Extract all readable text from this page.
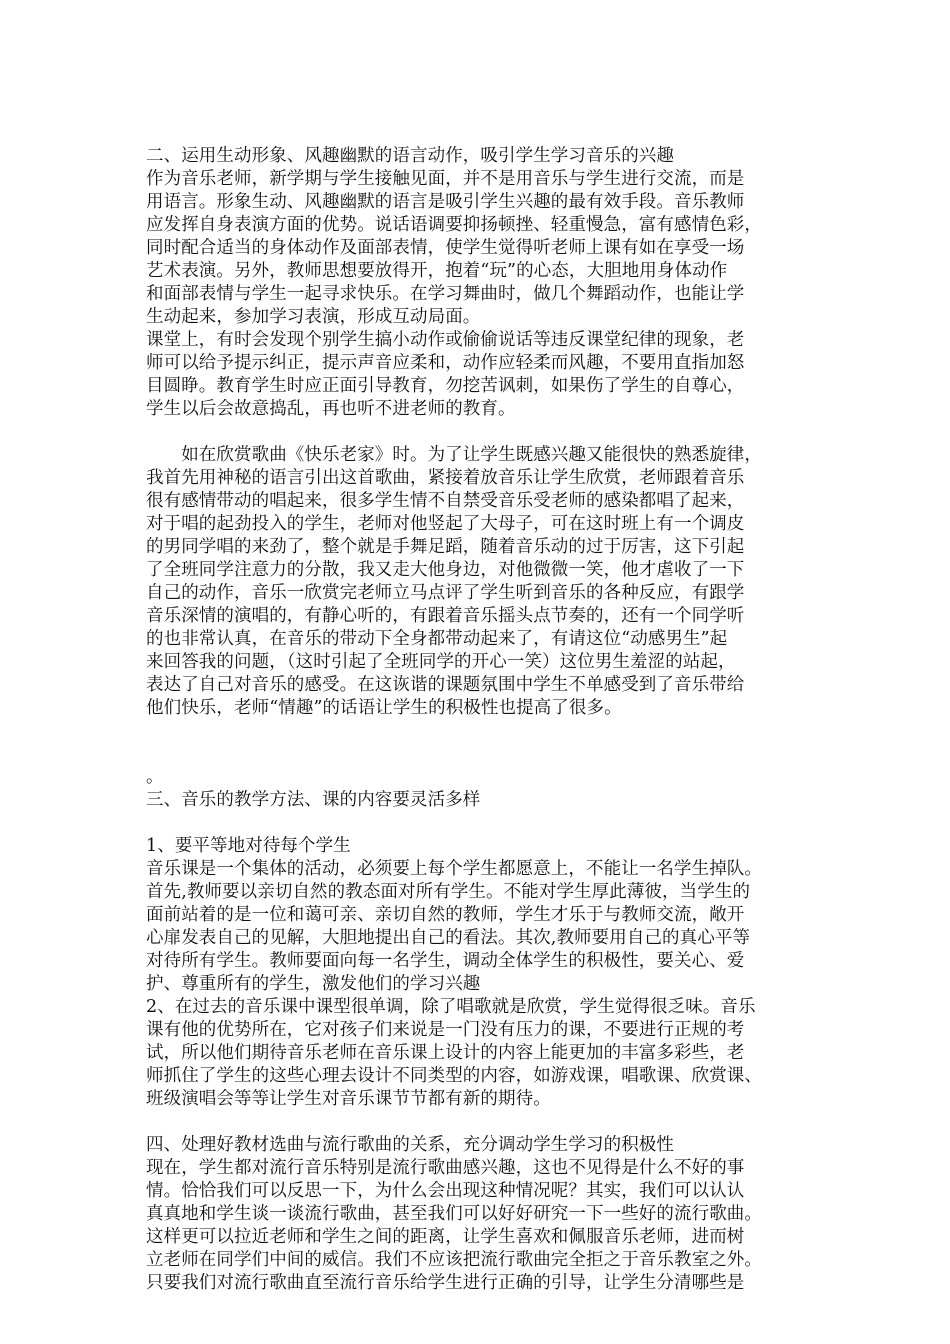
二、运用生动形象、风趣幽默的语言动作，吸引学生学习音乐的兴趣
作为音乐老师，新学期与学生接触见面，并不是用音乐与学生进行交流，而是
用语言。形象生动、风趣幽默的语言是吸引学生兴趣的最有效手段。音乐教师
应发挥自身表演方面的优势。说话语调要抑扬顿挫、轻重慢急，富有感情色彩，
同时配合适当的身体动作及面部表情，使学生觉得听老师上课有如在享受一场
艺术表演。另外，教师思想要放得开，抱着“玩”的心态，大胆地用身体动作
和面部表情与学生一起寻求快乐。在学习舞曲时，做几个舞蹈动作，也能让学
生动起来，参加学习表演，形成互动局面。
课堂上，有时会发现个别学生搞小动作或偷偷说话等违反课堂纪律的现象，老
师可以给予提示纠正，提示声音应柔和，动作应轻柔而风趣，不要用直指加怒
目圆睁。教育学生时应正面引导教育，勿挖苦讽刺，如果伤了学生的自尊心，
学生以后会故意捣乱，再也听不进老师的教育。
　　如在欣赏歌曲《快乐老家》时。为了让学生既感兴趣又能很快的熟悉旋律，
我首先用神秘的语言引出这首歌曲，紧接着放音乐让学生欣赏，老师跟着音乐
很有感情带动的唱起来，很多学生情不自禁受音乐受老师的感染都唱了起来，
对于唱的起劲投入的学生，老师对他竖起了大母子，可在这时班上有一个调皮
的男同学唱的来劲了，整个就是手舞足蹈，随着音乐动的过于厉害，这下引起
了全班同学注意力的分散，我又走大他身边，对他微微一笑，他才虐收了一下
自己的动作，音乐一欣赏完老师立马点评了学生听到音乐的各种反应，有跟学
音乐深情的演唱的，有静心听的，有跟着音乐摇头点节奏的，还有一个同学听
的也非常认真，在音乐的带动下全身都带动起来了，有请这位“动感男生”起
来回答我的问题，（这时引起了全班同学的开心一笑）这位男生羞涩的站起，
表达了自己对音乐的感受。在这诙谐的课题氛围中学生不单感受到了音乐带给
他们快乐，老师“情趣”的话语让学生的积极性也提高了很多。
。
三、音乐的教学方法、课的内容要灵活多样
1、要平等地对待每个学生
音乐课是一个集体的活动，必须要上每个学生都愿意上，不能让一名学生掉队。
首先,教师要以亲切自然的教态面对所有学生。不能对学生厚此薄彼，当学生的
面前站着的是一位和蔼可亲、亲切自然的教师，学生才乐于与教师交流，敞开
心扉发表自己的见解，大胆地提出自己的看法。其次,教师要用自己的真心平等
对待所有学生。教师要面向每一名学生，调动全体学生的积极性，要关心、爱
护、尊重所有的学生，激发他们的学习兴趣
2、在过去的音乐课中课型很单调，除了唱歌就是欣赏，学生觉得很乏味。音乐
课有他的优势所在，它对孩子们来说是一门没有压力的课，不要进行正规的考
试，所以他们期待音乐老师在音乐课上设计的内容上能更加的丰富多彩些，老
师抓住了学生的这些心理去设计不同类型的内容，如游戏课，唱歌课、欣赏课、
班级演唱会等等让学生对音乐课节节都有新的期待。
四、处理好教材选曲与流行歌曲的关系，充分调动学生学习的积极性
现在，学生都对流行音乐特别是流行歌曲感兴趣，这也不见得是什么不好的事
情。恰恰我们可以反思一下，为什么会出现这种情况呢？其实，我们可以认认
真真地和学生谈一谈流行歌曲，甚至我们可以好好研究一下一些好的流行歌曲。
这样更可以拉近老师和学生之间的距离，让学生喜欢和佩服音乐老师，进而树
立老师在同学们中间的威信。我们不应该把流行歌曲完全拒之于音乐教室之外。
只要我们对流行歌曲直至流行音乐给学生进行正确的引导，让学生分清哪些是
